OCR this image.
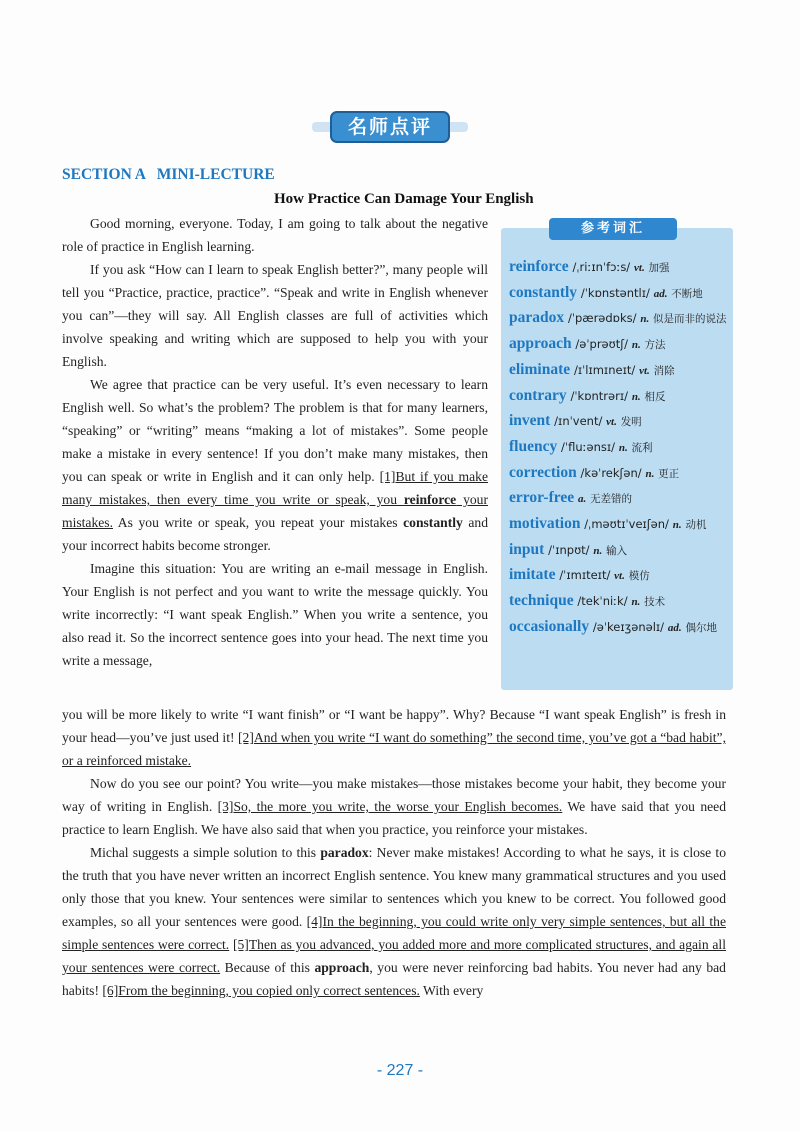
名师点评
SECTION A   MINI-LECTURE
How Practice Can Damage Your English

Good morning, everyone. Today, I am going to talk about the negative role of practice in English learning.

If you ask “How can I learn to speak English better?”, many people will tell you “Practice, practice, practice”. “Speak and write in English whenever you can”—they will say. All English classes are full of activities which involve speaking and writing which are supposed to help you with your English.

We agree that practice can be very useful. It’s even necessary to learn English well. So what’s the problem? The problem is that for many learners, “speaking” or “writing” means “making a lot of mistakes”. Some people make a mistake in every sentence! If you don’t make many mistakes, then you can speak or write in English and it can only help. [1]But if you make many mistakes, then every time you write or speak, you reinforce your mistakes. As you write or speak, you repeat your mistakes constantly and your incorrect habits become stronger.

Imagine this situation: You are writing an e-mail message in English. Your English is not perfect and you want to write the message quickly. You write incorrectly: “I want speak English.” When you write a sentence, you also read it. So the incorrect sentence goes into your head. The next time you write a message,

you will be more likely to write “I want finish” or “I want be happy”. Why? Because “I want speak English” is fresh in your head—you’ve just used it! [2]And when you write “I want do something” the second time, you’ve got a “bad habit”, or a reinforced mistake.

Now do you see our point? You write—you make mistakes—those mistakes become your habit, they become your way of writing in English. [3]So, the more you write, the worse your English becomes. We have said that you need practice to learn English. We have also said that when you practice, you reinforce your mistakes.

Michal suggests a simple solution to this paradox: Never make mistakes! According to what he says, it is close to the truth that you have never written an incorrect English sentence. You knew many grammatical structures and you used only those that you knew. Your sentences were similar to sentences which you knew to be correct. You followed good examples, so all your sentences were good. [4]In the beginning, you could write only very simple sentences, but all the simple sentences were correct. [5]Then as you advanced, you added more and more complicated structures, and again all your sentences were correct. Because of this approach, you were never reinforcing bad habits. You never had any bad habits! [6]From the beginning, you copied only correct sentences. With every

参考词汇
reinforce /ˌriːɪnˈfɔːs/ vt. 加强
constantly /ˈkɒnstəntlɪ/ ad. 不断地
paradox /ˈpærədɒks/ n. 似是而非的说法
approach /əˈprəʊtʃ/ n. 方法
eliminate /ɪˈlɪmɪneɪt/ vt. 消除
contrary /ˈkɒntrərɪ/ n. 相反
invent /ɪnˈvent/ vt. 发明
fluency /ˈfluːənsɪ/ n. 流利
correction /kəˈrekʃən/ n. 更正
error-free a. 无差错的
motivation /ˌməʊtɪˈveɪʃən/ n. 动机
input /ˈɪnpʊt/ n. 输入
imitate /ˈɪmɪteɪt/ vt. 模仿
technique /tekˈniːk/ n. 技术
occasionally /əˈkeɪʒənəlɪ/ ad. 偶尔地
- 227 -
